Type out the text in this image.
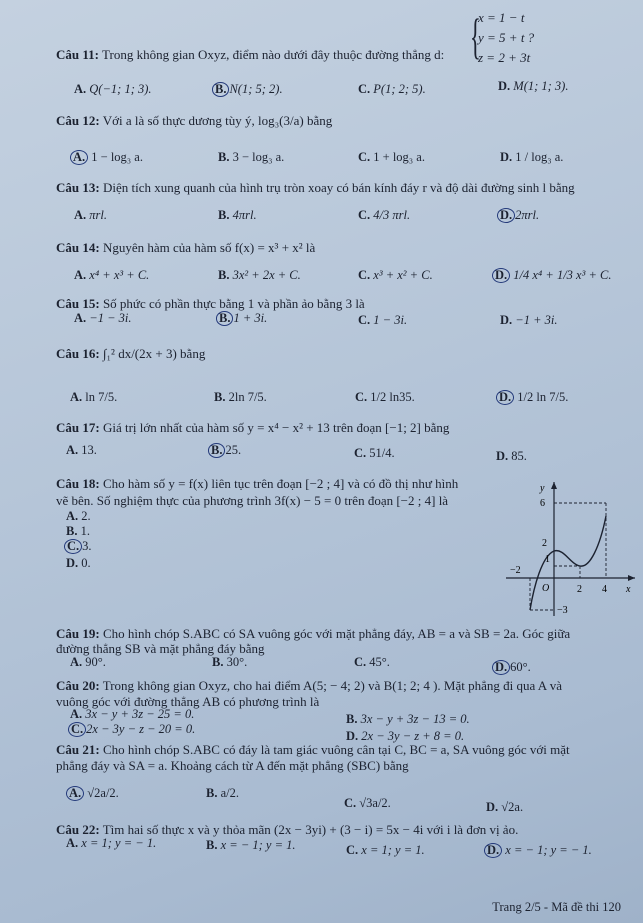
Câu 11: Trong không gian Oxyz, điểm nào dưới đây thuộc đường thẳng d: {
x = 1 − t
y = 5 + t ?
z = 2 + 3t
A. Q(−1; 1; 3).	B. N(1; 5; 2).	C. P(1; 2; 5).	D. M(1; 1; 3).
Câu 12: Với a là số thực dương tùy ý, log₃(3/a) bằng
A. 1 − log₃ a.	B. 3 − log₃ a.	C. 1 + log₃ a.	D. 1 / log₃ a.
Câu 13: Diện tích xung quanh của hình trụ tròn xoay có bán kính đáy r và độ dài đường sinh l bằng
A. πrl.	B. 4πrl.	C. 4/3 πrl.	D. 2πrl.
Câu 14: Nguyên hàm của hàm số f(x) = x³ + x² là
A. x⁴ + x³ + C.	B. 3x² + 2x + C.	C. x³ + x² + C.	D. 1/4 x⁴ + 1/3 x³ + C.
Câu 15: Số phức có phần thực bằng 1 và phần ảo bằng 3 là
A. −1 − 3i.	B. 1 + 3i.	C. 1 − 3i.	D. −1 + 3i.
Câu 16: ∫₁² dx/(2x + 3) bằng
A. ln 7/5.	B. 2ln 7/5.	C. 1/2 ln35.	D. 1/2 ln 7/5.
Câu 17: Giá trị lớn nhất của hàm số y = x⁴ − x² + 13 trên đoạn [−1; 2] bằng
A. 13.	B. 25.	C. 51/4.	D. 85.
Câu 18: Cho hàm số y = f(x) liên tục trên đoạn [−2 ; 4] và có đồ thị như hình
vẽ bên. Số nghiệm thực của phương trình 3f(x) − 5 = 0 trên đoạn [−2 ; 4] là
A. 2.
B. 1.
C. 3.
D. 0.
y
6
2
1
−3
−2
2 4
O	x
Câu 19: Cho hình chóp S.ABC có SA vuông góc với mặt phẳng đáy, AB = a và SB = 2a. Góc giữa
đường thẳng SB và mặt phẳng đáy bằng
A. 90°.	B. 30°.	C. 45°.	D. 60°.
Câu 20: Trong không gian Oxyz, cho hai điểm A(5; − 4; 2) và B(1; 2; 4 ). Mặt phẳng đi qua A và
vuông góc với đường thẳng AB có phương trình là
A. 3x − y + 3z − 25 = 0.	B. 3x − y + 3z − 13 = 0.
C. 2x − 3y − z − 20 = 0.	D. 2x − 3y − z + 8 = 0.
Câu 21: Cho hình chóp S.ABC có đáy là tam giác vuông cân tại C, BC = a, SA vuông góc với mặt
phẳng đáy và SA = a. Khoảng cách từ A đến mặt phẳng (SBC) bằng
A. √2a/2.	B. a/2.
C. √3a/2.	D. √2a.
Câu 22: Tìm hai số thực x và y thỏa mãn (2x − 3yi) + (3 − i) = 5x − 4i với i là đơn vị ảo.
A. x = 1; y = − 1.	B. x = − 1; y = 1.	C. x = 1; y = 1.	D. x = − 1; y = − 1.
Trang 2/5 - Mã đề thi 120
